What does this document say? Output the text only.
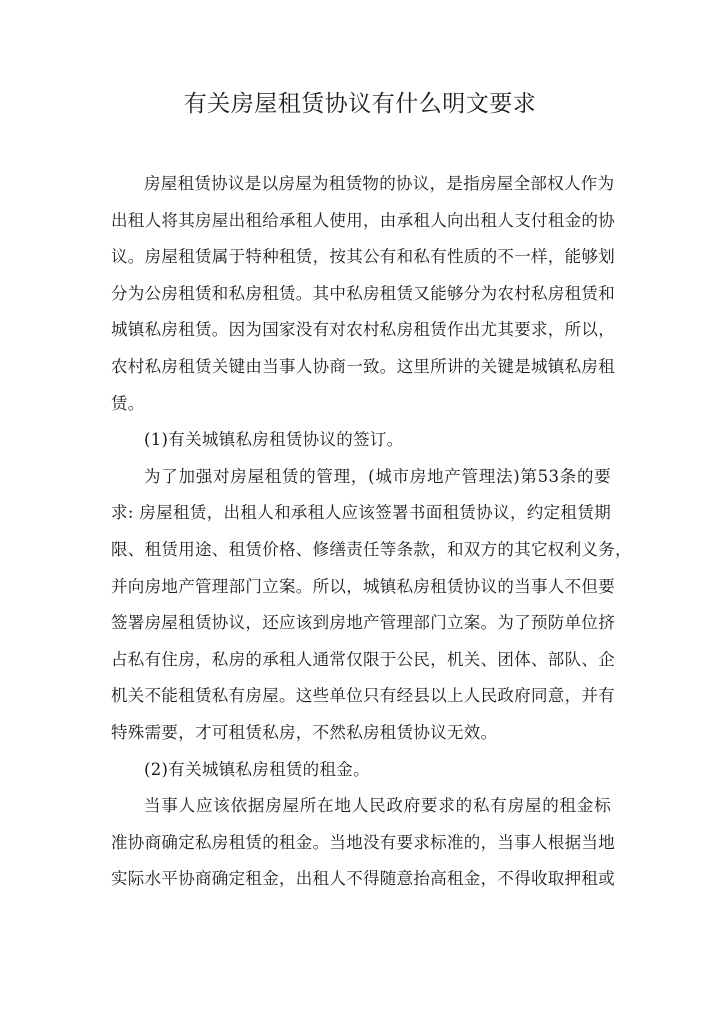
有关房屋租赁协议有什么明文要求
房屋租赁协议是以房屋为租赁物的协议，是指房屋全部权人作为
出租人将其房屋出租给承租人使用，由承租人向出租人支付租金的协
议。房屋租赁属于特种租赁，按其公有和私有性质的不一样，能够划
分为公房租赁和私房租赁。其中私房租赁又能够分为农村私房租赁和
城镇私房租赁。因为国家没有对农村私房租赁作出尤其要求，所以，
农村私房租赁关键由当事人协商一致。这里所讲的关键是城镇私房租
赁。
(1)有关城镇私房租赁协议的签订。
为了加强对房屋租赁的管理，(城市房地产管理法)第53条的要
求: 房屋租赁，出租人和承租人应该签署书面租赁协议，约定租赁期
限、租赁用途、租赁价格、修缮责任等条款，和双方的其它权利义务，
并向房地产管理部门立案。所以，城镇私房租赁协议的当事人不但要
签署房屋租赁协议，还应该到房地产管理部门立案。为了预防单位挤
占私有住房，私房的承租人通常仅限于公民，机关、团体、部队、企
机关不能租赁私有房屋。这些单位只有经县以上人民政府同意，并有
特殊需要，才可租赁私房，不然私房租赁协议无效。
(2)有关城镇私房租赁的租金。
当事人应该依据房屋所在地人民政府要求的私有房屋的租金标
准协商确定私房租赁的租金。当地没有要求标准的，当事人根据当地
实际水平协商确定租金，出租人不得随意抬高租金，不得收取押租或
